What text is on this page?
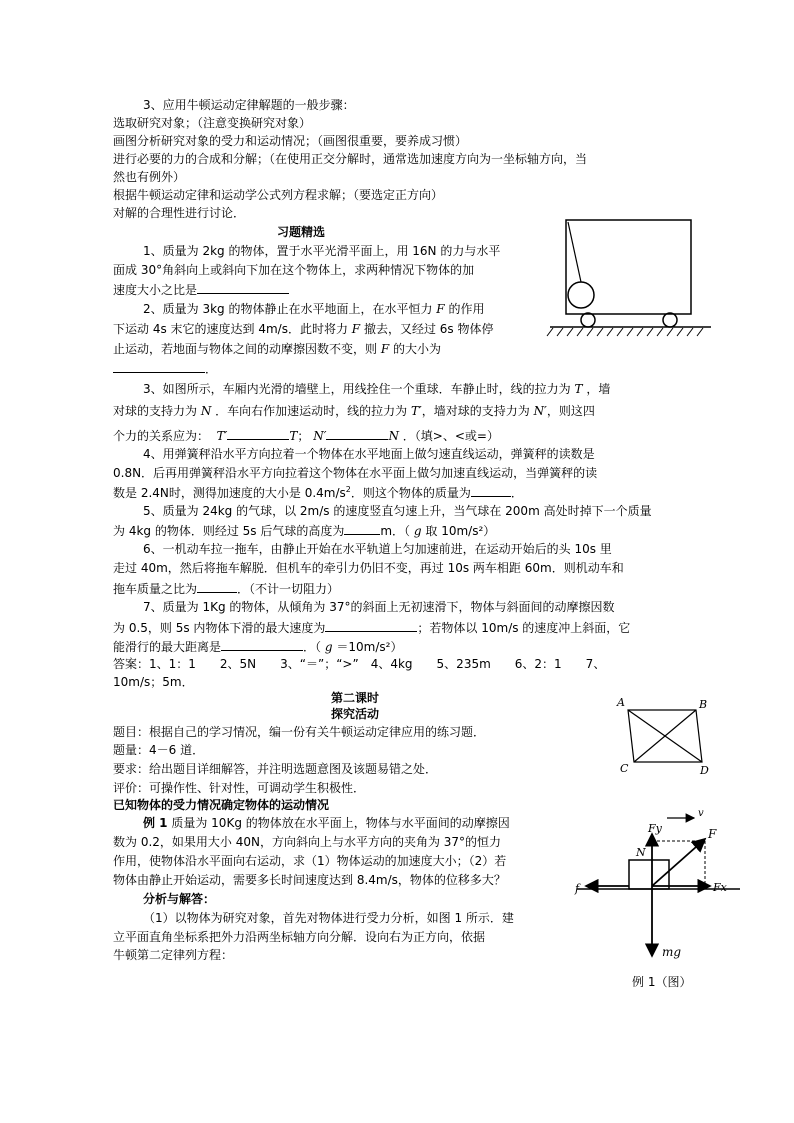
3、应用牛顿运动定律解题的一般步骤：
选取研究对象；（注意变换研究对象）
画图分析研究对象的受力和运动情况；（画图很重要，要养成习惯）
进行必要的力的合成和分解；（在使用正交分解时，通常选加速度方向为一坐标轴方向，当
然也有例外）
根据牛顿运动定律和运动学公式列方程求解；（要选定正方向）
对解的合理性进行讨论．
习题精选
1、质量为 2kg 的物体，置于水平光滑平面上，用 16N 的力与水平
面成 30°角斜向上或斜向下加在这个物体上，求两种情况下物体的加
速度大小之比是
2、质量为 3kg 的物体静止在水平地面上，在水平恒力 F 的作用
下运动 4s 末它的速度达到 4m/s．此时将力 F 撤去，又经过 6s 物体停
止运动，若地面与物体之间的动摩擦因数不变，则 F 的大小为
．
3、如图所示，车厢内光滑的墙壁上，用线拴住一个重球．车静止时，线的拉力为 T ，墙
对球的支持力为 N ．车向右作加速运动时，线的拉力为 T′，墙对球的支持力为 N′，则这四
个力的关系应为： T′	T； N′	N ．（填>、<或=）
4、用弹簧秤沿水平方向拉着一个物体在水平地面上做匀速直线运动，弹簧秤的读数是
0.8N．后再用弹簧秤沿水平方向拉着这个物体在水平面上做匀加速直线运动，当弹簧秤的读
数是 2.4N时，测得加速度的大小是 $0.4m/s^2$．则这个物体的质量为	．
5、质量为 24kg 的气球，以 2m/s 的速度竖直匀速上升，当气球在 200m 高处时掉下一个质量
为 4kg 的物体．则经过 5s 后气球的高度为	m．（ g 取 10m/s²）
6、一机动车拉一拖车，由静止开始在水平轨道上匀加速前进，在运动开始后的头 10s 里
走过 40m，然后将拖车解脱．但机车的牵引力仍旧不变，再过 10s 两车相距 60m．则机动车和
拖车质量之比为	．（不计一切阻力）
7、质量为 1Kg 的物体，从倾角为 37°的斜面上无初速滑下，物体与斜面间的动摩擦因数
为 0.5，则 5s 内物体下滑的最大速度为	；若物体以 10m/s 的速度冲上斜面，它
能滑行的最大距离是	．（ g ＝10m/s²）
答案：1、1：1　　2、5N　　3、“＝”；“>”　4、4kg　　5、235m　　6、2：1　　7、
10m/s；5m．
第二课时
探究活动
题目：根据自己的学习情况，编一份有关牛顿运动定律应用的练习题．
题量：4－6 道．
要求：给出题目详细解答，并注明选题意图及该题易错之处．
评价：可操作性、针对性，可调动学生积极性．
已知物体的受力情况确定物体的运动情况
例 1 质量为 10Kg 的物体放在水平面上，物体与水平面间的动摩擦因
数为 0.2，如果用大小 40N，方向斜向上与水平方向的夹角为 37°的恒力
作用，使物体沿水平面向右运动，求（1）物体运动的加速度大小；（2）若
物体由静止开始运动，需要多长时间速度达到 8.4m/s，物体的位移多大？
分析与解答：
（1）以物体为研究对象，首先对物体进行受力分析，如图 1 所示．建
立平面直角坐标系把外力沿两坐标轴方向分解．设向右为正方向，依据
牛顿第二定律列方程：
A	B
C	D
v
Fy
N
F
Fx
f
mg
例 1（图）
